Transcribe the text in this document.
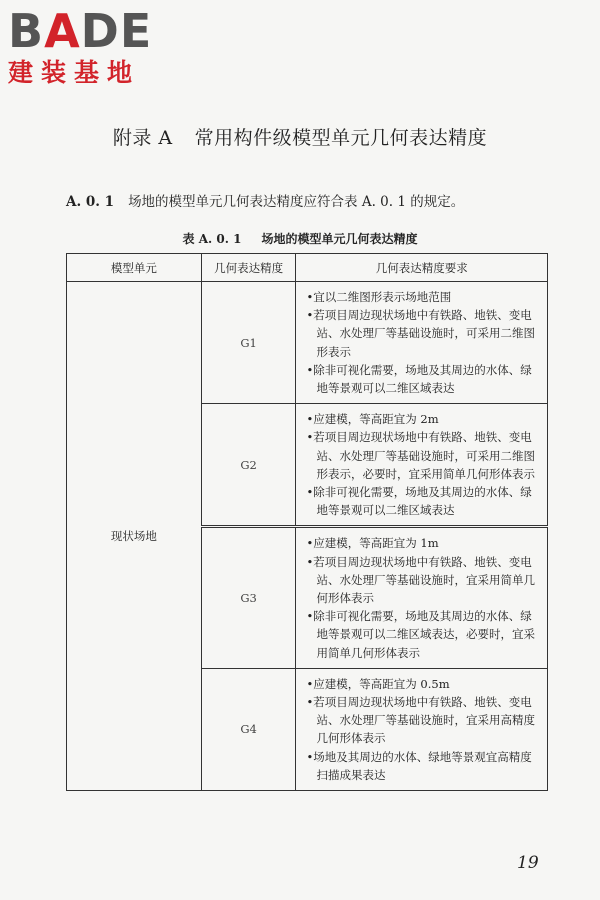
BADE
建装基地
附录 A 常用构件级模型单元几何表达精度
A. 0. 1 场地的模型单元几何表达精度应符合表 A. 0. 1 的规定。
表 A. 0. 1 场地的模型单元几何表达精度
模型单元	几何表达精度	几何表达精度要求
现状场地	G1	•宜以二维图形表示场地范围
•若项目周边现状场地中有铁路、地铁、变电站、水处理厂等基础设施时，可采用二维图形表示
•除非可视化需要，场地及其周边的水体、绿地等景观可以二维区域表达

	G2	•应建模，等高距宜为 2m
•若项目周边现状场地中有铁路、地铁、变电站、水处理厂等基础设施时，可采用二维图形表示，必要时，宜采用简单几何形体表示
•除非可视化需要，场地及其周边的水体、绿地等景观可以二维区域表达

	G3	•应建模，等高距宜为 1m
•若项目周边现状场地中有铁路、地铁、变电站、水处理厂等基础设施时，宜采用简单几何形体表示
•除非可视化需要，场地及其周边的水体、绿地等景观可以二维区域表达，必要时，宜采用简单几何形体表示

	G4	•应建模，等高距宜为 0.5m
•若项目周边现状场地中有铁路、地铁、变电站、水处理厂等基础设施时，宜采用高精度几何形体表示
•场地及其周边的水体、绿地等景观宜高精度扫描成果表达
19
